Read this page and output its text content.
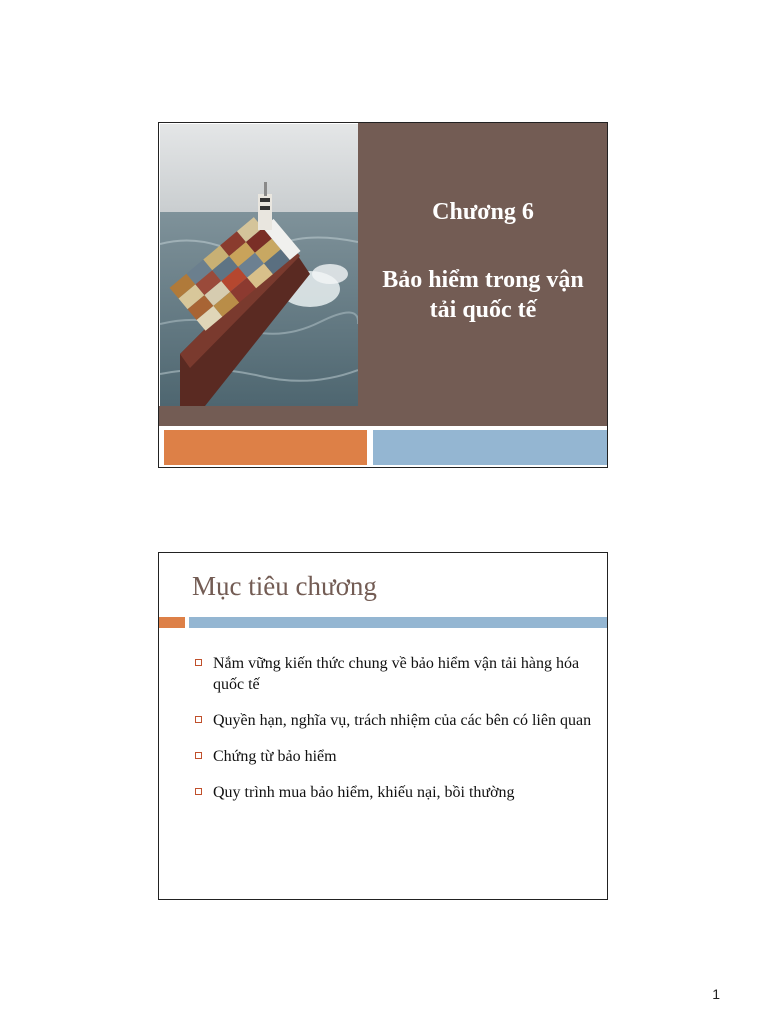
Chương 6
Bảo hiểm trong vận
tải quốc tế
Mục tiêu chương
Nắm vững kiến thức chung về bảo hiểm vận tải hàng hóa quốc tế
Quyền hạn, nghĩa vụ, trách nhiệm của các bên có liên quan
Chứng từ bảo hiểm
Quy trình mua bảo hiểm, khiếu nại, bồi thường
1
